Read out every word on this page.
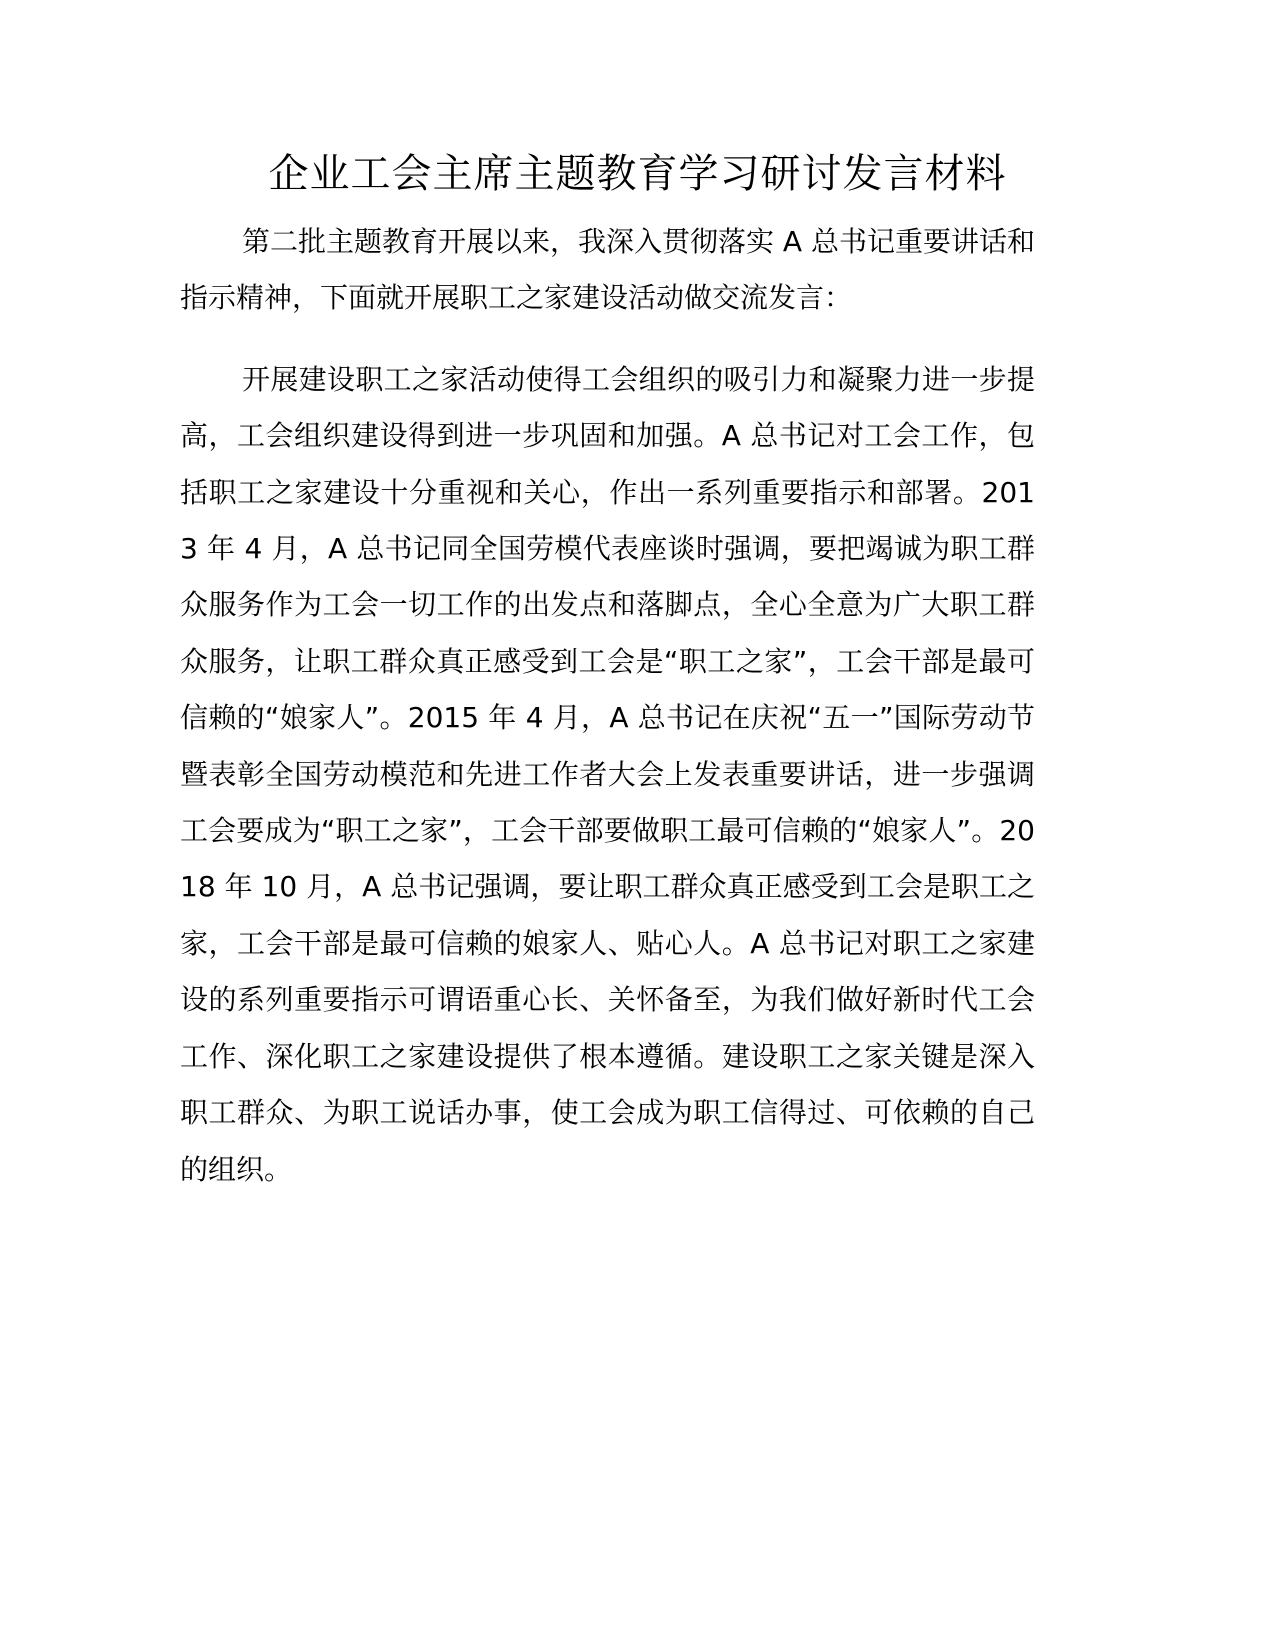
企业工会主席主题教育学习研讨发言材料

第二批主题教育开展以来，我深入贯彻落实 A 总书记重要讲话和指示精神，下面就开展职工之家建设活动做交流发言：

开展建设职工之家活动使得工会组织的吸引力和凝聚力进一步提高，工会组织建设得到进一步巩固和加强。A 总书记对工会工作，包括职工之家建设十分重视和关心，作出一系列重要指示和部署。2013 年 4 月，A 总书记同全国劳模代表座谈时强调，要把竭诚为职工群众服务作为工会一切工作的出发点和落脚点，全心全意为广大职工群众服务，让职工群众真正感受到工会是“职工之家”，工会干部是最可信赖的“娘家人”。2015 年 4 月，A 总书记在庆祝“五一”国际劳动节暨表彰全国劳动模范和先进工作者大会上发表重要讲话，进一步强调工会要成为“职工之家”，工会干部要做职工最可信赖的“娘家人”。2018 年 10 月，A 总书记强调，要让职工群众真正感受到工会是职工之家，工会干部是最可信赖的娘家人、贴心人。A 总书记对职工之家建设的系列重要指示可谓语重心长、关怀备至，为我们做好新时代工会工作、深化职工之家建设提供了根本遵循。建设职工之家关键是深入职工群众、为职工说话办事，使工会成为职工信得过、可依赖的自己的组织。
